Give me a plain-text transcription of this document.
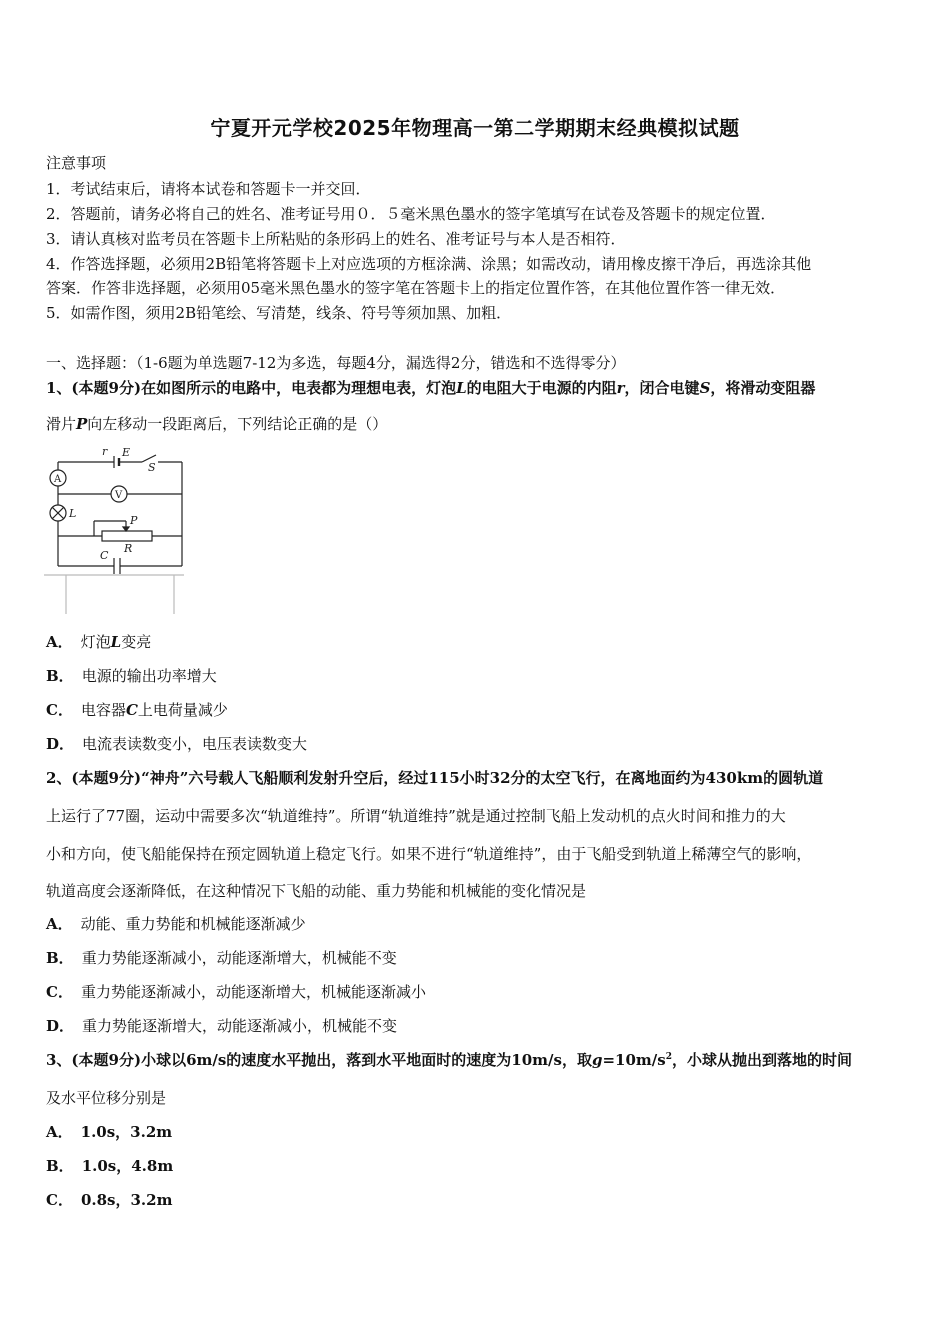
宁夏开元学校2025年物理高一第二学期期末经典模拟试题
注意事项
1．考试结束后，请将本试卷和答题卡一并交回．
2．答题前，请务必将自己的姓名、准考证号用０．５毫米黑色墨水的签字笔填写在试卷及答题卡的规定位置．
3．请认真核对监考员在答题卡上所粘贴的条形码上的姓名、准考证号与本人是否相符．
4．作答选择题，必须用2B铅笔将答题卡上对应选项的方框涂满、涂黑；如需改动，请用橡皮擦干净后，再选涂其他
答案．作答非选择题，必须用05毫米黑色墨水的签字笔在答题卡上的指定位置作答，在其他位置作答一律无效．
5．如需作图，须用2B铅笔绘、写清楚，线条、符号等须加黑、加粗．
一、选择题：（1-6题为单选题7-12为多选，每题4分，漏选得2分，错选和不选得零分）
1、(本题9分)在如图所示的电路中，电表都为理想电表，灯泡L的电阻大于电源的内阻r，闭合电键S，将滑动变阻器
滑片P向左移动一段距离后，下列结论正确的是（）
r E
S
A
V
L
P
R
C
A． 灯泡L变亮
B． 电源的输出功率增大
C． 电容器C上电荷量减少
D． 电流表读数变小，电压表读数变大
2、(本题9分)“神舟”六号载人飞船顺利发射升空后，经过115小时32分的太空飞行，在离地面约为430km的圆轨道
上运行了77圈，运动中需要多次“轨道维持”。所谓“轨道维持”就是通过控制飞船上发动机的点火时间和推力的大
小和方向，使飞船能保持在预定圆轨道上稳定飞行。如果不进行“轨道维持”，由于飞船受到轨道上稀薄空气的影响，
轨道高度会逐渐降低，在这种情况下飞船的动能、重力势能和机械能的变化情况是
A． 动能、重力势能和机械能逐渐减少
B． 重力势能逐渐减小，动能逐渐增大，机械能不变
C． 重力势能逐渐减小，动能逐渐增大，机械能逐渐减小
D． 重力势能逐渐增大，动能逐渐减小，机械能不变
3、(本题9分)小球以6m/s的速度水平抛出，落到水平地面时的速度为10m/s，取$g=10m/s^2$，小球从抛出到落地的时间
及水平位移分别是
A． 1.0s，3.2m
B． 1.0s，4.8m
C． 0.8s，3.2m
